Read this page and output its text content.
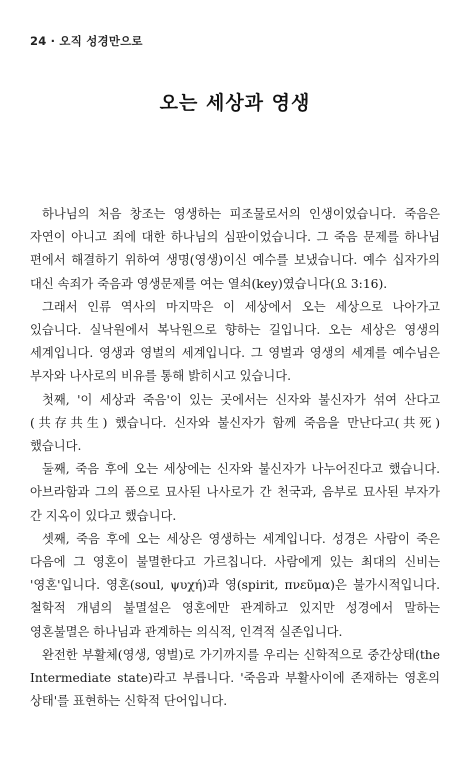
24 · 오직 성경만으로
오는 세상과 영생

하나님의 처음 창조는 영생하는 피조물로서의 인생이었습니다. 죽음은 자연이 아니고 죄에 대한 하나님의 심판이었습니다. 그 죽음 문제를 하나님 편에서 해결하기 위하여 생명(영생)이신 예수를 보냈습니다. 예수 십자가의 대신 속죄가 죽음과 영생문제를 여는 열쇠(key)였습니다(요 3:16).

그래서 인류 역사의 마지막은 이 세상에서 오는 세상으로 나아가고 있습니다. 실낙원에서 복낙원으로 향하는 길입니다. 오는 세상은 영생의 세계입니다. 영생과 영벌의 세계입니다. 그 영벌과 영생의 세계를 예수님은 부자와 나사로의 비유를 통해 밝히시고 있습니다.

첫째, '이 세상과 죽음'이 있는 곳에서는 신자와 불신자가 섞여 산다고(共存共生) 했습니다. 신자와 불신자가 함께 죽음을 만난다고(共死) 했습니다.

둘째, 죽음 후에 오는 세상에는 신자와 불신자가 나누어진다고 했습니다. 아브라함과 그의 품으로 묘사된 나사로가 간 천국과, 음부로 묘사된 부자가 간 지옥이 있다고 했습니다.

셋째, 죽음 후에 오는 세상은 영생하는 세계입니다. 성경은 사람이 죽은 다음에 그 영혼이 불멸한다고 가르칩니다. 사람에게 있는 최대의 신비는 '영혼'입니다. 영혼(soul, ψυχή)과 영(spirit, πνεῦμα)은 불가시적입니다. 철학적 개념의 불멸설은 영혼에만 관계하고 있지만 성경에서 말하는 영혼불멸은 하나님과 관계하는 의식적, 인격적 실존입니다.

완전한 부활체(영생, 영벌)로 가기까지를 우리는 신학적으로 중간상태(the Intermediate state)라고 부릅니다. '죽음과 부활사이에 존재하는 영혼의 상태'를 표현하는 신학적 단어입니다.
